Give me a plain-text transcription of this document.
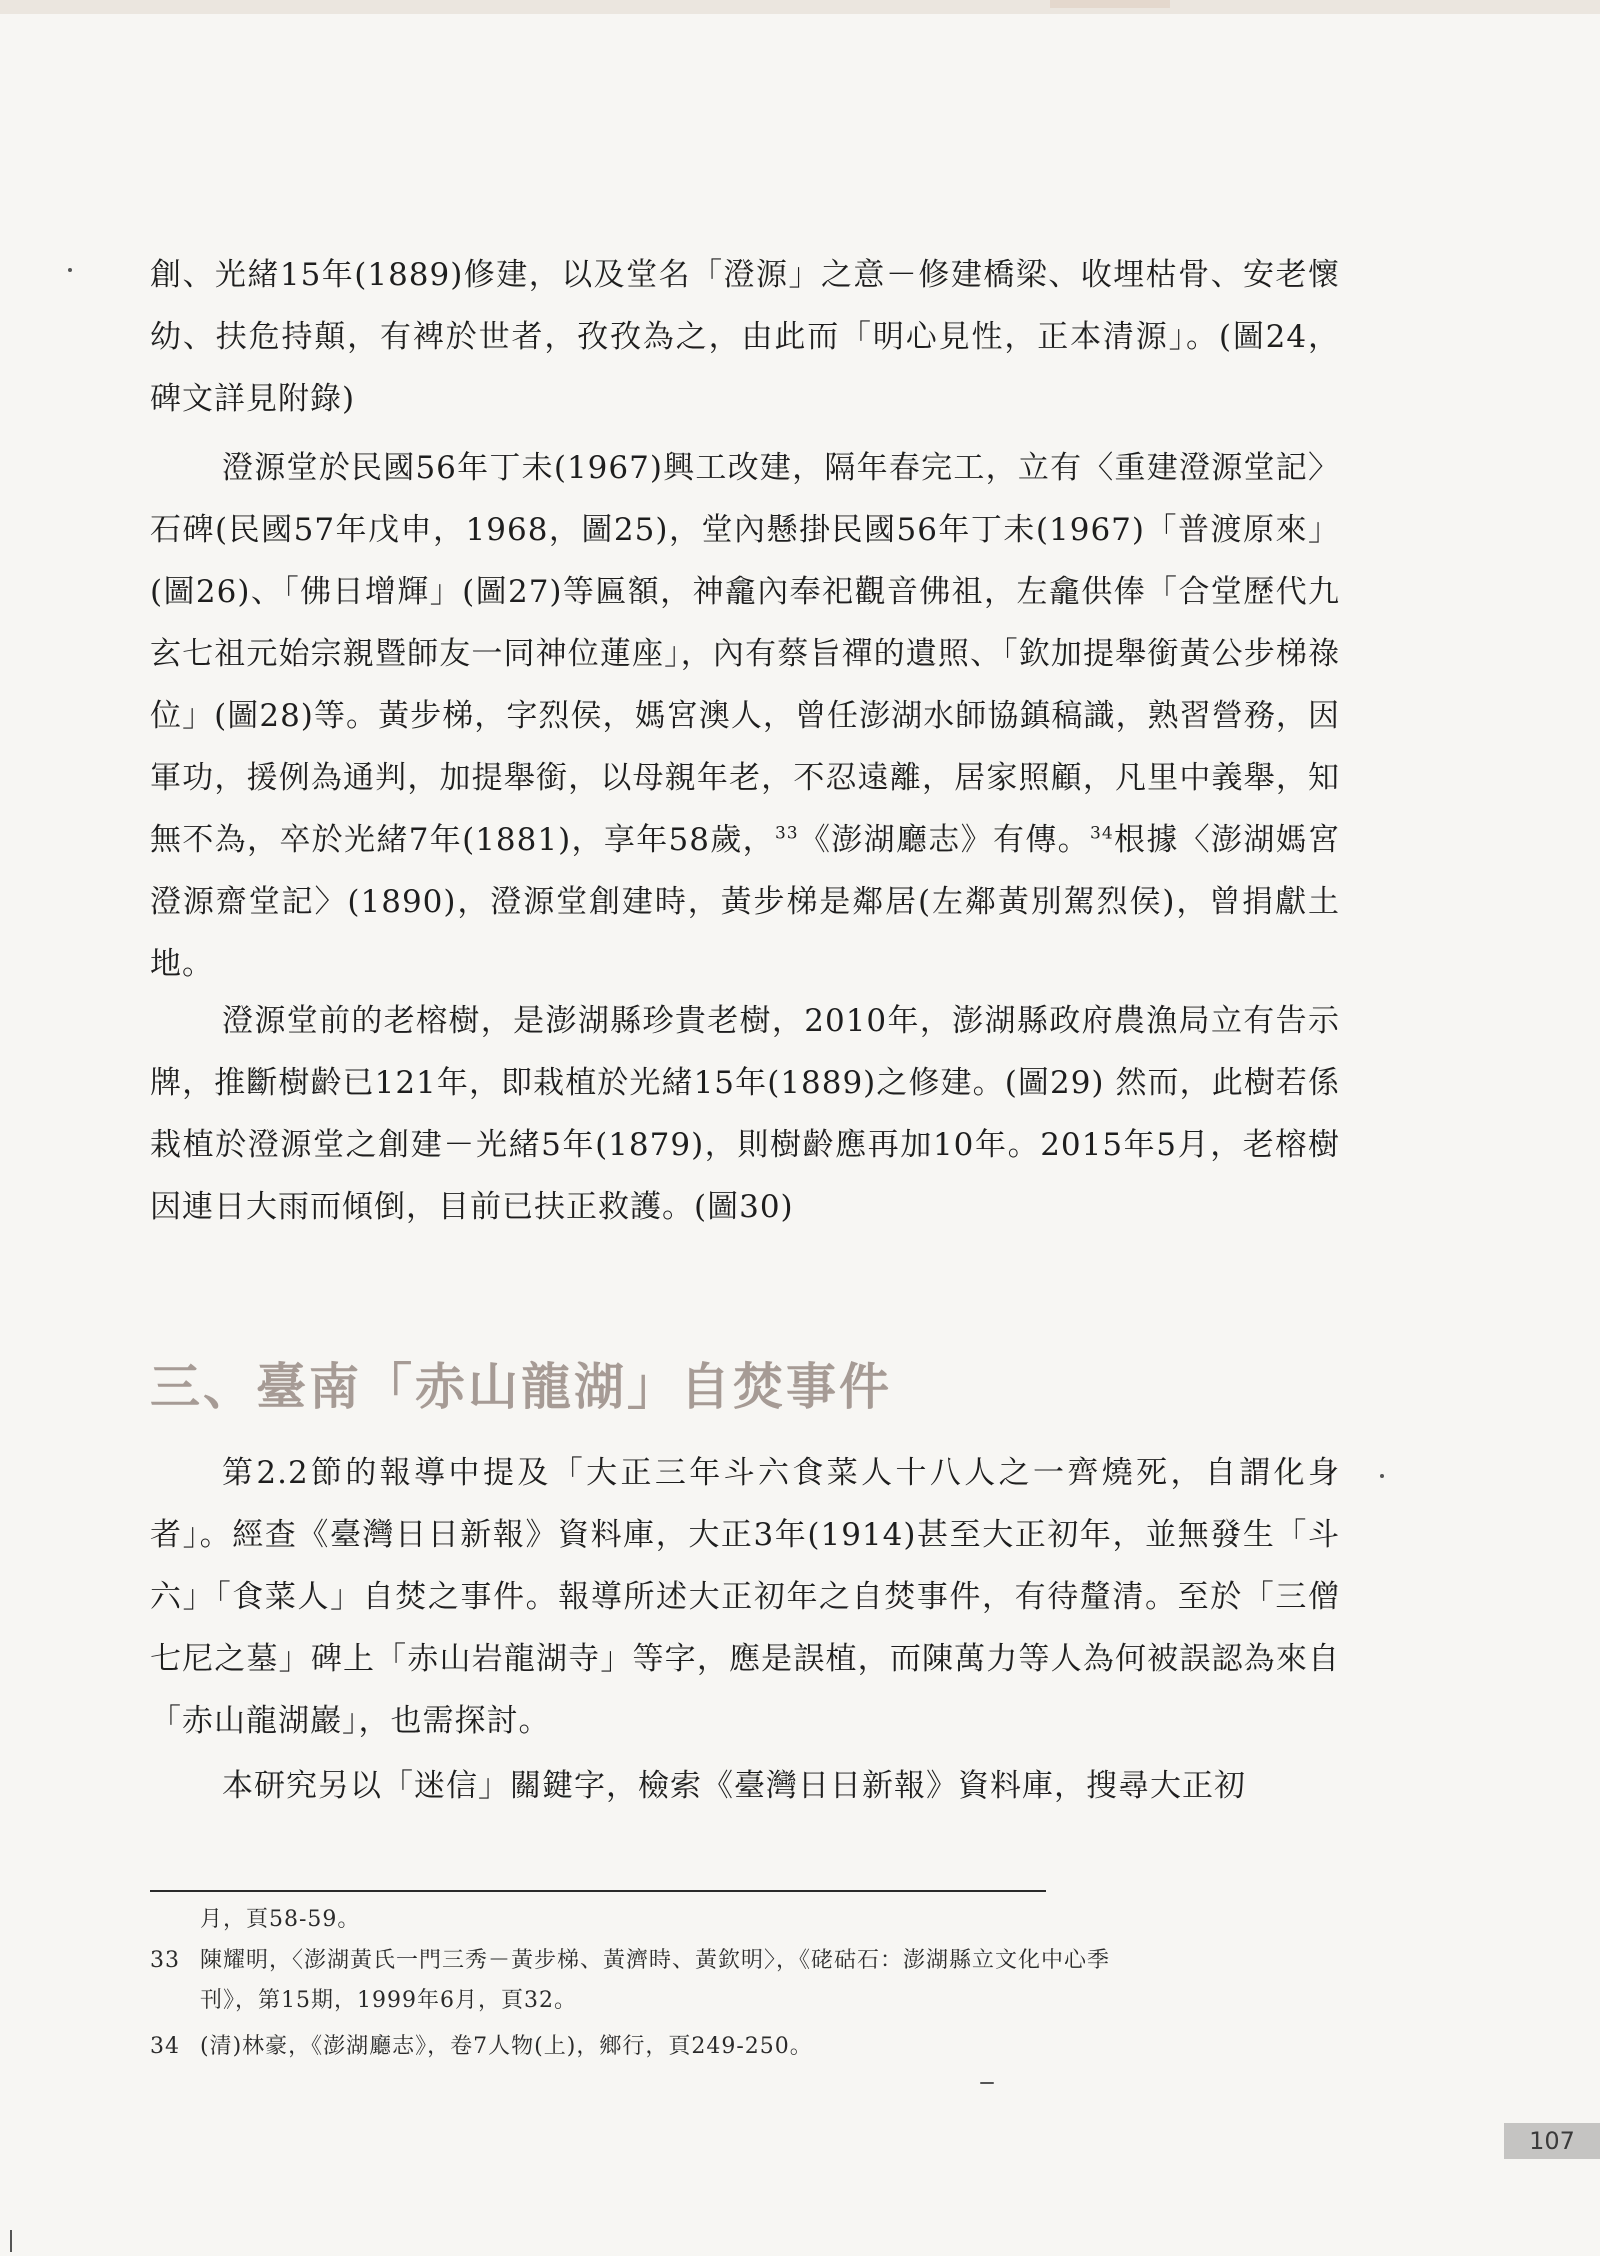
創、光緒15年(1889)修建，以及堂名「澄源」之意－修建橋梁、收埋枯骨、安老懷幼、扶危持顛，有裨於世者，孜孜為之，由此而「明心見性，正本清源」。(圖24，碑文詳見附錄)

澄源堂於民國56年丁未(1967)興工改建，隔年春完工，立有〈重建澄源堂記〉石碑(民國57年戊申，1968，圖25)，堂內懸掛民國56年丁未(1967)「普渡原來」(圖26)、「佛日增輝」(圖27)等匾額，神龕內奉祀觀音佛祖，左龕供俸「合堂歷代九玄七祖元始宗親暨師友一同神位蓮座」，內有蔡旨禪的遺照、「欽加提舉銜黃公步梯祿位」(圖28)等。黃步梯，字烈侯，媽宮澳人，曾任澎湖水師協鎮稿識，熟習營務，因軍功，援例為通判，加提舉銜，以母親年老，不忍遠離，居家照顧，凡里中義舉，知無不為，卒於光緒7年(1881)，享年58歲，$^{33}$《澎湖廳志》有傳。$^{34}$根據〈澎湖媽宮澄源齋堂記〉(1890)，澄源堂創建時，黃步梯是鄰居(左鄰黃別駕烈侯)，曾捐獻土地。

澄源堂前的老榕樹，是澎湖縣珍貴老樹，2010年，澎湖縣政府農漁局立有告示牌，推斷樹齡已121年，即栽植於光緒15年(1889)之修建。(圖29) 然而，此樹若係栽植於澄源堂之創建－光緒5年(1879)，則樹齡應再加10年。2015年5月，老榕樹因連日大雨而傾倒，目前已扶正救護。(圖30)

三、臺南「赤山龍湖」自焚事件

第2.2節的報導中提及「大正三年斗六食菜人十八人之一齊燒死，自謂化身者」。經查《臺灣日日新報》資料庫，大正3年(1914)甚至大正初年，並無發生「斗六」「食菜人」自焚之事件。報導所述大正初年之自焚事件，有待釐清。至於「三僧七尼之墓」碑上「赤山岩龍湖寺」等字，應是誤植，而陳萬力等人為何被誤認為來自「赤山龍湖巖」，也需探討。

本研究另以「迷信」關鍵字，檢索《臺灣日日新報》資料庫，搜尋大正初

月，頁58-59。

33 陳耀明，〈澎湖黃氏一門三秀－黃步梯、黃濟時、黃欽明〉，《硓𥑮石：澎湖縣立文化中心季
刊》，第15期，1999年6月，頁32。

34 (清)林豪，《澎湖廳志》，卷7人物(上)，鄉行，頁249-250。

107
